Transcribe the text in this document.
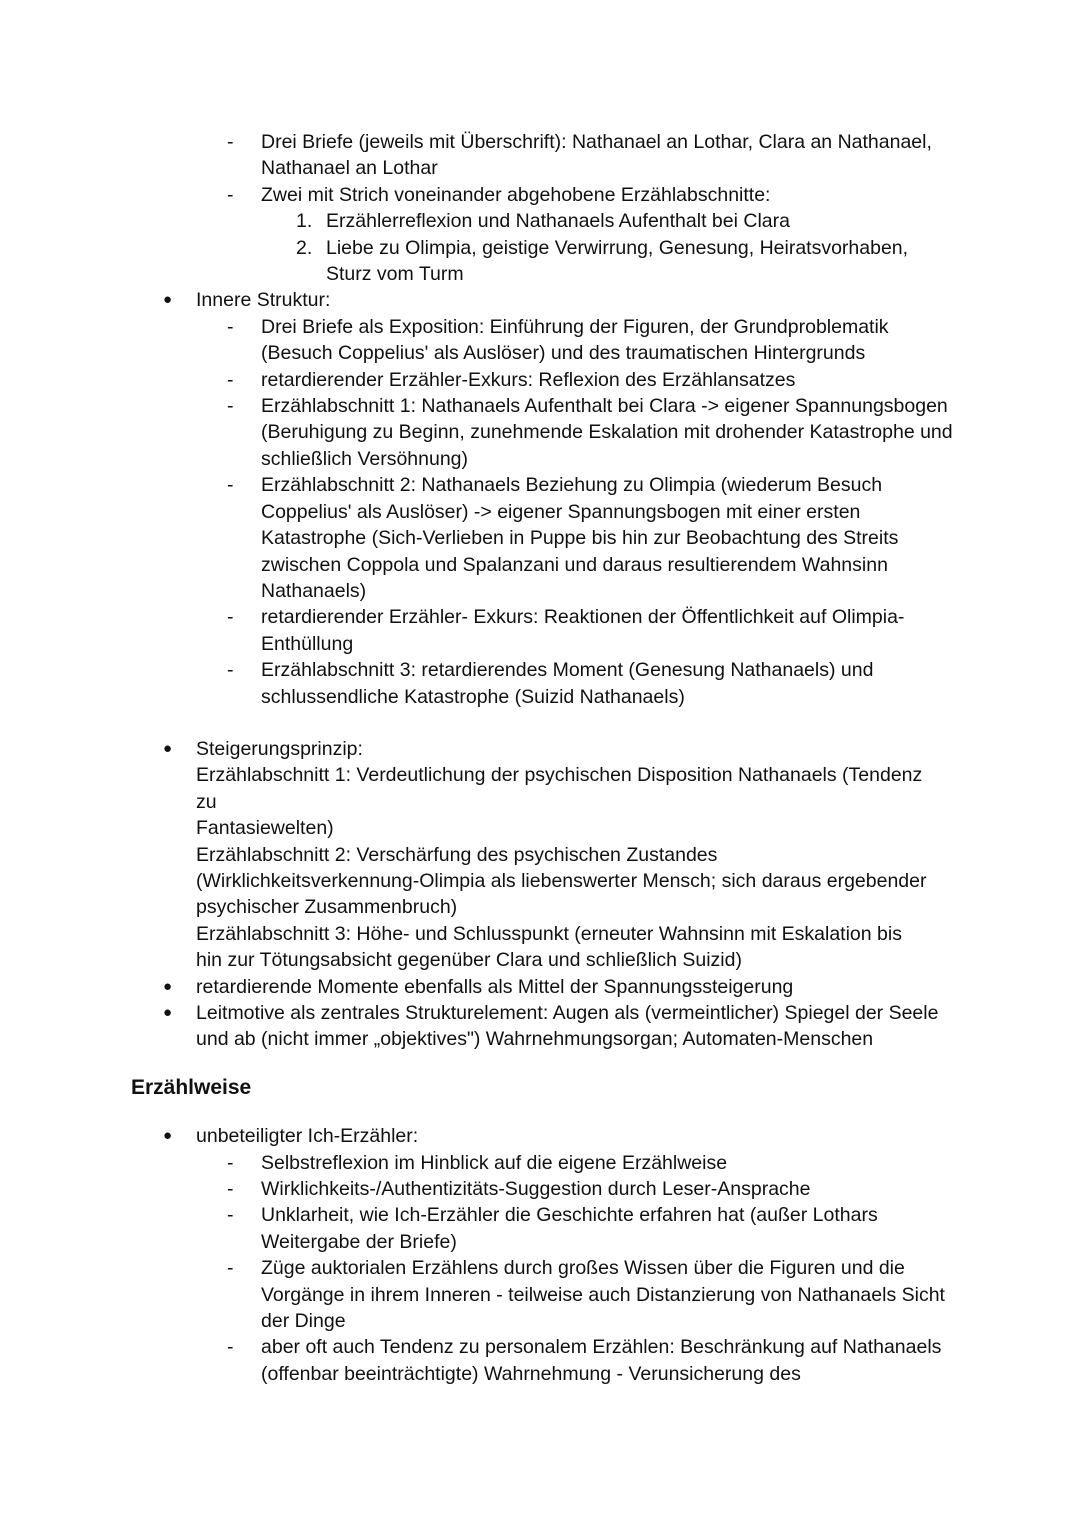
- Drei Briefe (jeweils mit Überschrift): Nathanael an Lothar, Clara an Nathanael, Nathanael an Lothar
- Zwei mit Strich voneinander abgehobene Erzählabschnitte:
1. Erzählerreflexion und Nathanaels Aufenthalt bei Clara
2. Liebe zu Olimpia, geistige Verwirrung, Genesung, Heiratsvorhaben, Sturz vom Turm
● Innere Struktur:
- Drei Briefe als Exposition: Einführung der Figuren, der Grundproblematik (Besuch Coppelius' als Auslöser) und des traumatischen Hintergrunds
- retardierender Erzähler-Exkurs: Reflexion des Erzählansatzes
- Erzählabschnitt 1: Nathanaels Aufenthalt bei Clara -> eigener Spannungsbogen (Beruhigung zu Beginn, zunehmende Eskalation mit drohender Katastrophe und schließlich Versöhnung)
- Erzählabschnitt 2: Nathanaels Beziehung zu Olimpia (wiederum Besuch Coppelius' als Auslöser) -> eigener Spannungsbogen mit einer ersten Katastrophe (Sich-Verlieben in Puppe bis hin zur Beobachtung des Streits zwischen Coppola und Spalanzani und daraus resultierendem Wahnsinn Nathanaels)
- retardierender Erzähler- Exkurs: Reaktionen der Öffentlichkeit auf Olimpia-Enthüllung
- Erzählabschnitt 3: retardierendes Moment (Genesung Nathanaels) und schlussendliche Katastrophe (Suizid Nathanaels)
● Steigerungsprinzip:
Erzählabschnitt 1: Verdeutlichung der psychischen Disposition Nathanaels (Tendenz
zu
Fantasiewelten)
Erzählabschnitt 2: Verschärfung des psychischen Zustandes
(Wirklichkeitsverkennung-Olimpia als liebenswerter Mensch; sich daraus ergebender
psychischer Zusammenbruch)
Erzählabschnitt 3: Höhe- und Schlusspunkt (erneuter Wahnsinn mit Eskalation bis
hin zur Tötungsabsicht gegenüber Clara und schließlich Suizid)
● retardierende Momente ebenfalls als Mittel der Spannungssteigerung
● Leitmotive als zentrales Strukturelement: Augen als (vermeintlicher) Spiegel der Seele und ab (nicht immer „objektives") Wahrnehmungsorgan; Automaten-Menschen
Erzählweise
● unbeteiligter Ich-Erzähler:
- Selbstreflexion im Hinblick auf die eigene Erzählweise
- Wirklichkeits-/Authentizitäts-Suggestion durch Leser-Ansprache
- Unklarheit, wie Ich-Erzähler die Geschichte erfahren hat (außer Lothars Weitergabe der Briefe)
- Züge auktorialen Erzählens durch großes Wissen über die Figuren und die Vorgänge in ihrem Inneren - teilweise auch Distanzierung von Nathanaels Sicht der Dinge
- aber oft auch Tendenz zu personalem Erzählen: Beschränkung auf Nathanaels (offenbar beeinträchtigte) Wahrnehmung - Verunsicherung des
